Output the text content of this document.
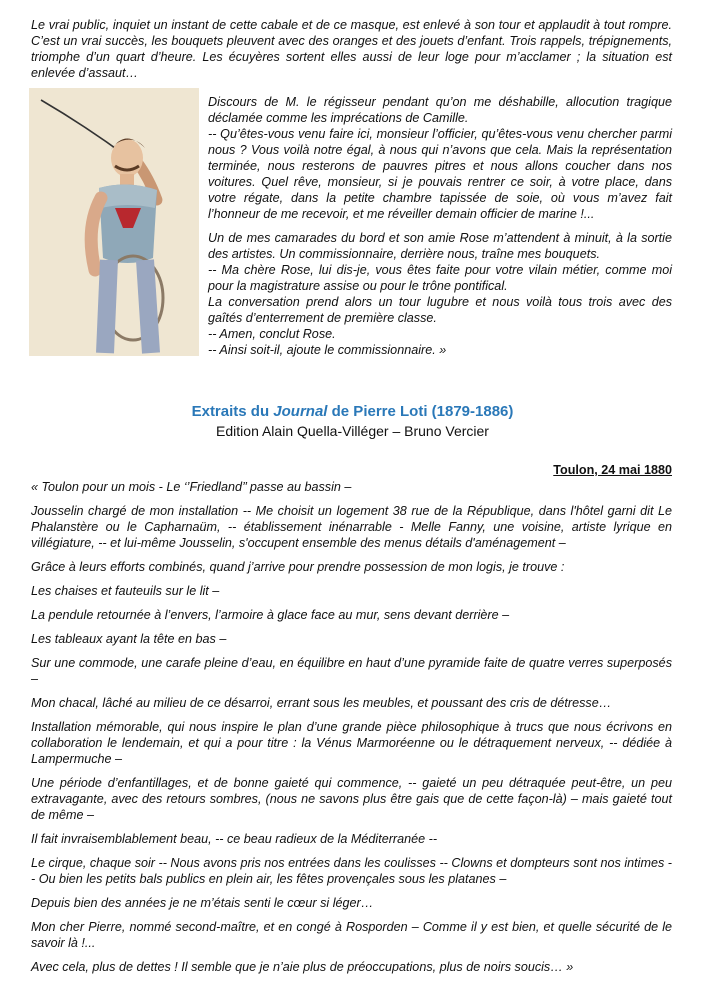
Le vrai public, inquiet un instant de cette cabale et de ce masque, est enlevé à son tour et applaudit à tout rompre. C’est un vrai succès, les bouquets pleuvent avec des oranges et des jouets d’enfant. Trois rappels, trépignements, triomphe d’un quart d’heure. Les écuyères sortent elles aussi de leur loge pour m’acclamer ; la situation est enlevée d’assaut…

Discours de M. le régisseur pendant qu’on me déshabille, allocution tragique déclamée comme les imprécations de Camille.

-- Qu’êtes-vous venu faire ici, monsieur l’officier, qu’êtes-vous venu chercher parmi nous ? Vous voilà notre égal, à nous qui n’avons que cela. Mais la représentation terminée, nous resterons de pauvres pitres et nous allons coucher dans nos voitures. Quel rêve, monsieur, si je pouvais rentrer ce soir, à votre place, dans votre régate, dans la petite chambre tapissée de soie, où vous m’avez fait l’honneur de me recevoir, et me réveiller demain officier de marine !...

Un de mes camarades du bord et son amie Rose m’attendent à minuit, à la sortie des artistes. Un commissionnaire, derrière nous, traîne mes bouquets.

-- Ma chère Rose, lui dis-je, vous êtes faite pour votre vilain métier, comme moi pour la magistrature assise ou pour le trône pontifical.

La conversation prend alors un tour lugubre et nous voilà tous trois avec des gaîtés d’enterrement de première classe.

-- Amen, conclut Rose.

-- Ainsi soit-il, ajoute le commissionnaire. »

Extraits du Journal de Pierre Loti (1879-1886)
Edition Alain Quella-Villéger – Bruno Vercier
Toulon, 24 mai 1880

« Toulon pour un mois - Le ‘’Friedland’’ passe au bassin –

Jousselin chargé de mon installation -- Me choisit un logement 38 rue de la République, dans l'hôtel garni dit Le Phalanstère ou le Capharnaüm, -- établissement inénarrable - Melle Fanny, une voisine, artiste lyrique en villégiature, -- et lui-même Jousselin, s'occupent ensemble des menus détails d'aménagement –

Grâce à leurs efforts combinés, quand j’arrive pour prendre possession de mon logis, je trouve :

Les chaises et fauteuils sur le lit –

La pendule retournée à l’envers, l’armoire à glace face au mur, sens devant derrière –

Les tableaux ayant la tête en bas –

Sur une commode, une carafe pleine d’eau, en équilibre en haut d’une pyramide faite de quatre verres superposés –

Mon chacal, lâché au milieu de ce désarroi, errant sous les meubles, et poussant des cris de détresse…

Installation mémorable, qui nous inspire le plan d’une grande pièce philosophique à trucs que nous écrivons en collaboration le lendemain, et qui a pour titre : la Vénus Marmoréenne ou le détraquement nerveux, -- dédiée à Lampermuche –

Une période d’enfantillages, et de bonne gaieté qui commence, -- gaieté un peu détraquée peut-être, un peu extravagante, avec des retours sombres, (nous ne savons plus être gais que de cette façon-là) – mais gaieté tout de même –

Il fait invraisemblablement beau, -- ce beau radieux de la Méditerranée --

Le cirque, chaque soir -- Nous avons pris nos entrées dans les coulisses -- Clowns et dompteurs sont nos intimes -- Ou bien les petits bals publics en plein air, les fêtes provençales sous les platanes –

Depuis bien des années je ne m’étais senti le cœur si léger…

Mon cher Pierre, nommé second-maître, et en congé à Rosporden – Comme il y est bien, et quelle sécurité de le savoir là !...

Avec cela, plus de dettes ! Il semble que je n’aie plus de préoccupations, plus de noirs soucis… »
